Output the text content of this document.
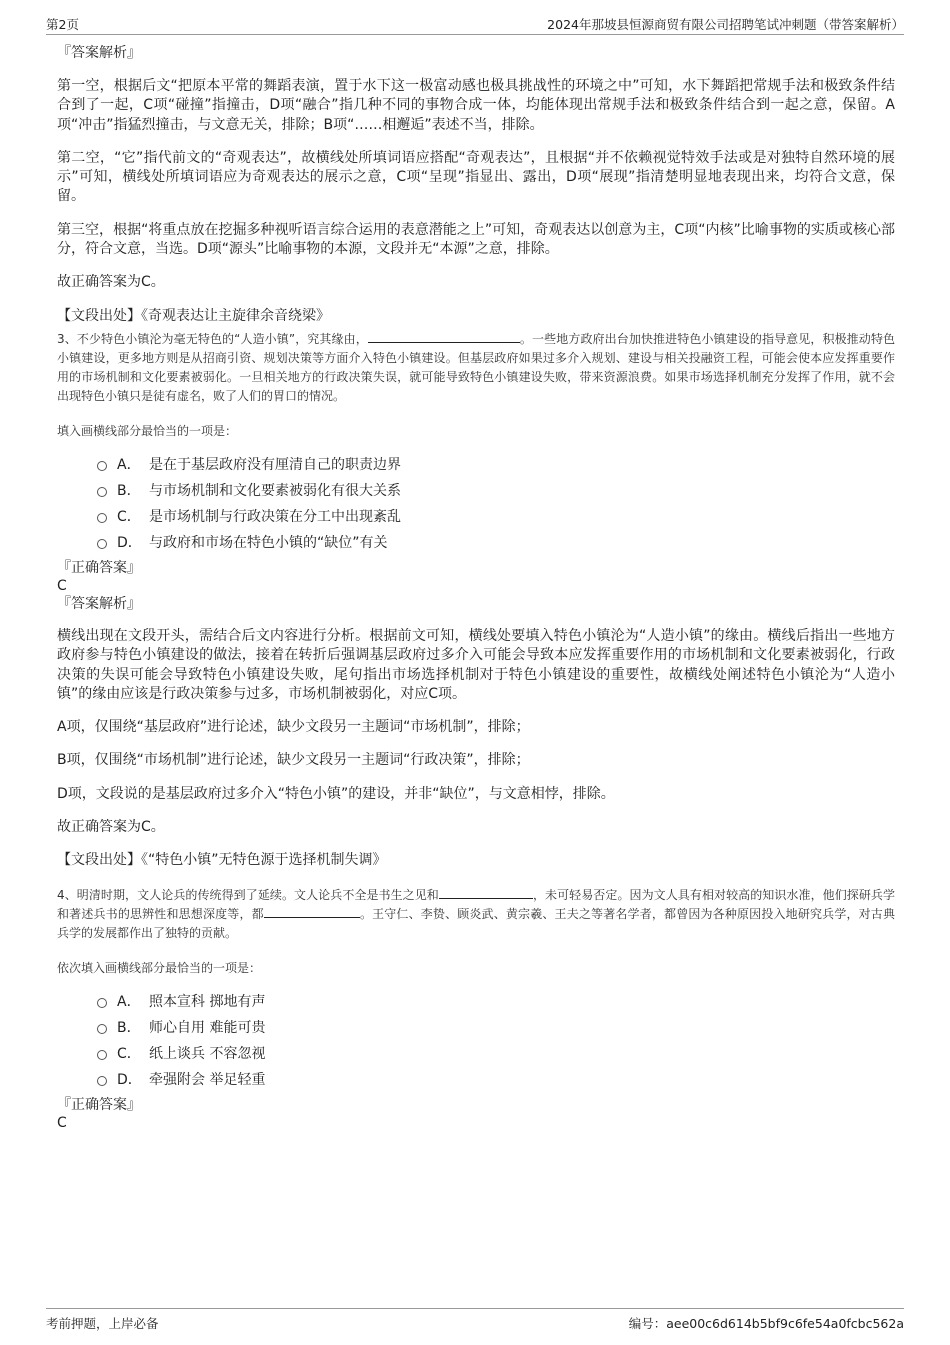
第2页	2024年那坡县恒源商贸有限公司招聘笔试冲刺题（带答案解析）

『答案解析』

第一空，根据后文“把原本平常的舞蹈表演，置于水下这一极富动感也极具挑战性的环境之中”可知，水下舞蹈把常规手法和极致条件结合到了一起，C项“碰撞”指撞击，D项“融合”指几种不同的事物合成一体，均能体现出常规手法和极致条件结合到一起之意，保留。A项“冲击”指猛烈撞击，与文意无关，排除；B项“……相邂逅”表述不当，排除。

第二空，“它”指代前文的“奇观表达”，故横线处所填词语应搭配“奇观表达”，且根据“并不依赖视觉特效手法或是对独特自然环境的展示”可知，横线处所填词语应为奇观表达的展示之意，C项“呈现”指显出、露出，D项“展现”指清楚明显地表现出来，均符合文意，保留。

第三空，根据“将重点放在挖掘多种视听语言综合运用的表意潜能之上”可知，奇观表达以创意为主，C项“内核”比喻事物的实质或核心部分，符合文意，当选。D项“源头”比喻事物的本源，文段并无“本源”之意，排除。

故正确答案为C。

【文段出处】《奇观表达让主旋律余音绕梁》

3、不少特色小镇沦为毫无特色的“人造小镇”，究其缘由，	。一些地方政府出台加快推进特色小镇建设的指导意见，积极推动特色小镇建设，更多地方则是从招商引资、规划决策等方面介入特色小镇建设。但基层政府如果过多介入规划、建设与相关投融资工程，可能会使本应发挥重要作用的市场机制和文化要素被弱化。一旦相关地方的行政决策失误，就可能导致特色小镇建设失败，带来资源浪费。如果市场选择机制充分发挥了作用，就不会出现特色小镇只是徒有虚名，败了人们的胃口的情况。

填入画横线部分最恰当的一项是：

A． 是在于基层政府没有厘清自己的职责边界
B． 与市场机制和文化要素被弱化有很大关系
C． 是市场机制与行政决策在分工中出现紊乱
D． 与政府和市场在特色小镇的“缺位”有关

『正确答案』

C

『答案解析』

横线出现在文段开头，需结合后文内容进行分析。根据前文可知，横线处要填入特色小镇沦为“人造小镇”的缘由。横线后指出一些地方政府参与特色小镇建设的做法，接着在转折后强调基层政府过多介入可能会导致本应发挥重要作用的市场机制和文化要素被弱化，行政决策的失误可能会导致特色小镇建设失败，尾句指出市场选择机制对于特色小镇建设的重要性，故横线处阐述特色小镇沦为“人造小镇”的缘由应该是行政决策参与过多，市场机制被弱化，对应C项。

A项，仅围绕“基层政府”进行论述，缺少文段另一主题词“市场机制”，排除；

B项，仅围绕“市场机制”进行论述，缺少文段另一主题词“行政决策”，排除；

D项，文段说的是基层政府过多介入“特色小镇”的建设，并非“缺位”，与文意相悖，排除。

故正确答案为C。

【文段出处】《“特色小镇”无特色源于选择机制失调》

4、明清时期，文人论兵的传统得到了延续。文人论兵不全是书生之见和	，未可轻易否定。因为文人具有相对较高的知识水准，他们探研兵学和著述兵书的思辨性和思想深度等，都	。王守仁、李贽、顾炎武、黄宗羲、王夫之等著名学者，都曾因为各种原因投入地研究兵学，对古典兵学的发展都作出了独特的贡献。

依次填入画横线部分最恰当的一项是：

A． 照本宣科 掷地有声
B． 师心自用 难能可贵
C． 纸上谈兵 不容忽视
D． 牵强附会 举足轻重

『正确答案』

C

考前押题，上岸必备	编号：aee00c6d614b5bf9c6fe54a0fcbc562a
